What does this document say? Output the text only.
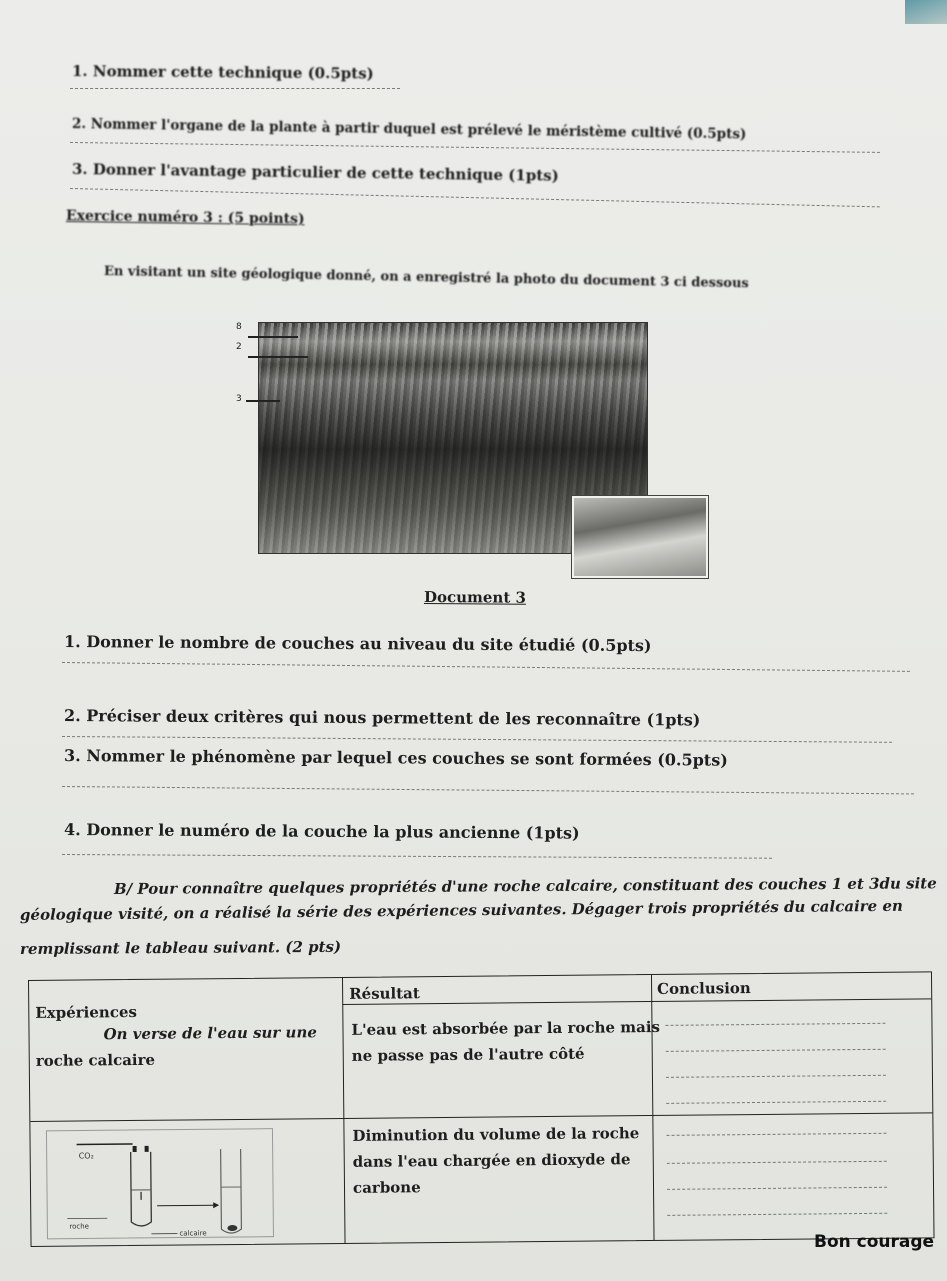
1. Nommer cette technique (0.5pts)
2. Nommer l'organe de la plante à partir duquel est prélevé le méristème cultivé (0.5pts)
3. Donner l'avantage particulier de cette technique (1pts)
Exercice numéro 3 : (5 points)
En visitant un site géologique donné, on a enregistré la photo du document 3 ci dessous
8
2
3
Document 3
1. Donner le nombre de couches au niveau du site étudié (0.5pts)
2. Préciser deux critères qui nous permettent de les reconnaître (1pts)
3. Nommer le phénomène par lequel ces couches se sont formées (0.5pts)
4. Donner le numéro de la couche la plus ancienne (1pts)
B/ Pour connaître quelques propriétés d'une roche calcaire, constituant des couches 1 et 3du site
géologique visité, on a réalisé la série des expériences suivantes. Dégager trois propriétés du calcaire en
remplissant le tableau suivant. (2 pts)
Expériences
Résultat	Conclusion
On verse de l'eau sur une
roche calcaire
L'eau est absorbée par la roche mais
ne passe pas de l'autre côté
Diminution du volume de la roche
dans l'eau chargée en dioxyde de
carbone
CO₂
roche
calcaire	Bon courage
